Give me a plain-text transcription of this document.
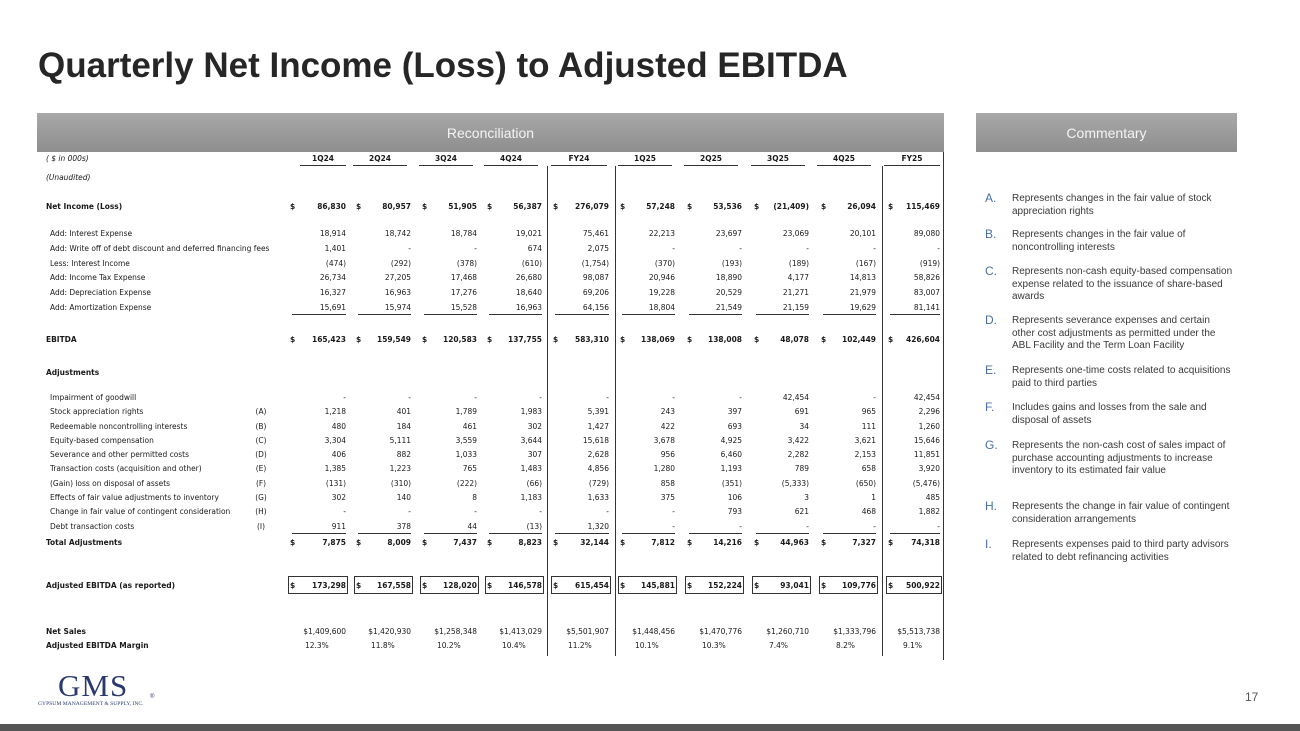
Quarterly Net Income (Loss) to Adjusted EBITDA
Reconciliation	Commentary
( $ in 000s)	1Q24	2Q24	3Q24	4Q24	FY24	1Q25	2Q25	3Q25	4Q25	FY25
(Unaudited)
Adjustments
Net Income (Loss)	$	86,830 $	80,957 $	51,905 $	56,387 $	276,079 $	57,248 $	53,536 $	(21,409) $	26,094 $	115,469
Add: Interest Expense	18,914	18,742	18,784	19,021	75,461	22,213	23,697	23,069	20,101	89,080
Add: Write off of debt discount and deferred financing fees	1,401	-	-	674	2,075	-	-	-	-	-
Less: Interest Income	(474)	(292)	(378)	(610)	(1,754)	(370)	(193)	(189)	(167)	(919)
Add: Income Tax Expense	26,734	27,205	17,468	26,680	98,087	20,946	18,890	4,177	14,813	58,826
Add: Depreciation Expense	16,327	16,963	17,276	18,640	69,206	19,228	20,529	21,271	21,979	83,007
Add: Amortization Expense	15,691	15,974	15,528	16,963	64,156	18,804	21,549	21,159	19,629	81,141
EBITDA	$	165,423 $	159,549 $	120,583 $	137,755 $	583,310 $	138,069 $	138,008 $	48,078 $	102,449 $	426,604
Impairment of goodwill	-	-	-	-	-	-	-	42,454	-	42,454
Stock appreciation rights	(A)	1,218	401	1,789	1,983	5,391	243	397	691	965	2,296
Redeemable noncontrolling interests	(B)	480	184	461	302	1,427	422	693	34	111	1,260
Equity-based compensation	(C)	3,304	5,111	3,559	3,644	15,618	3,678	4,925	3,422	3,621	15,646
Severance and other permitted costs	(D)	406	882	1,033	307	2,628	956	6,460	2,282	2,153	11,851
Transaction costs (acquisition and other)	(E)	1,385	1,223	765	1,483	4,856	1,280	1,193	789	658	3,920
(Gain) loss on disposal of assets	(F)	(131)	(310)	(222)	(66)	(729)	858	(351)	(5,333)	(650)	(5,476)
Effects of fair value adjustments to inventory	(G)	302	140	8	1,183	1,633	375	106	3	1	485
Change in fair value of contingent consideration	(H)	-	-	-	-	-	-	793	621	468	1,882
Debt transaction costs	(I)	911	378	44	(13)	1,320	-	-	-	-	-
Total Adjustments	$	7,875 $	8,009 $	7,437 $	8,823 $	32,144 $	7,812 $	14,216 $	44,963 $	7,327 $	74,318
Adjusted EBITDA (as reported)	$	173,298 $	167,558 $	128,020 $	146,578 $	615,454 $	145,881 $	152,224 $	93,041 $	109,776 $	500,922
Net Sales	$1,409,600	$1,420,930	$1,258,348	$1,413,029	$5,501,907	$1,448,456	$1,470,776	$1,260,710	$1,333,796	$5,513,738
Adjusted EBITDA Margin	12.3%	11.8%	10.2%	10.4%	11.2%	10.1%	10.3%	7.4%	8.2%	9.1%
A. Represents changes in the fair value of stock appreciation rights
B. Represents changes in the fair value of noncontrolling interests
C. Represents non-cash equity-based compensation expense related to the issuance of share-based awards
D. Represents severance expenses and certain other cost adjustments as permitted under the ABL Facility and the Term Loan Facility
E. Represents one-time costs related to acquisitions paid to third parties
F. Includes gains and losses from the sale and disposal of assets
G. Represents the non-cash cost of sales impact of purchase accounting adjustments to increase inventory to its estimated fair value
H. Represents the change in fair value of contingent consideration arrangements
I. Represents expenses paid to third party advisors related to debt refinancing activities
GMS	®
GYPSUM MANAGEMENT & SUPPLY, INC.	17
